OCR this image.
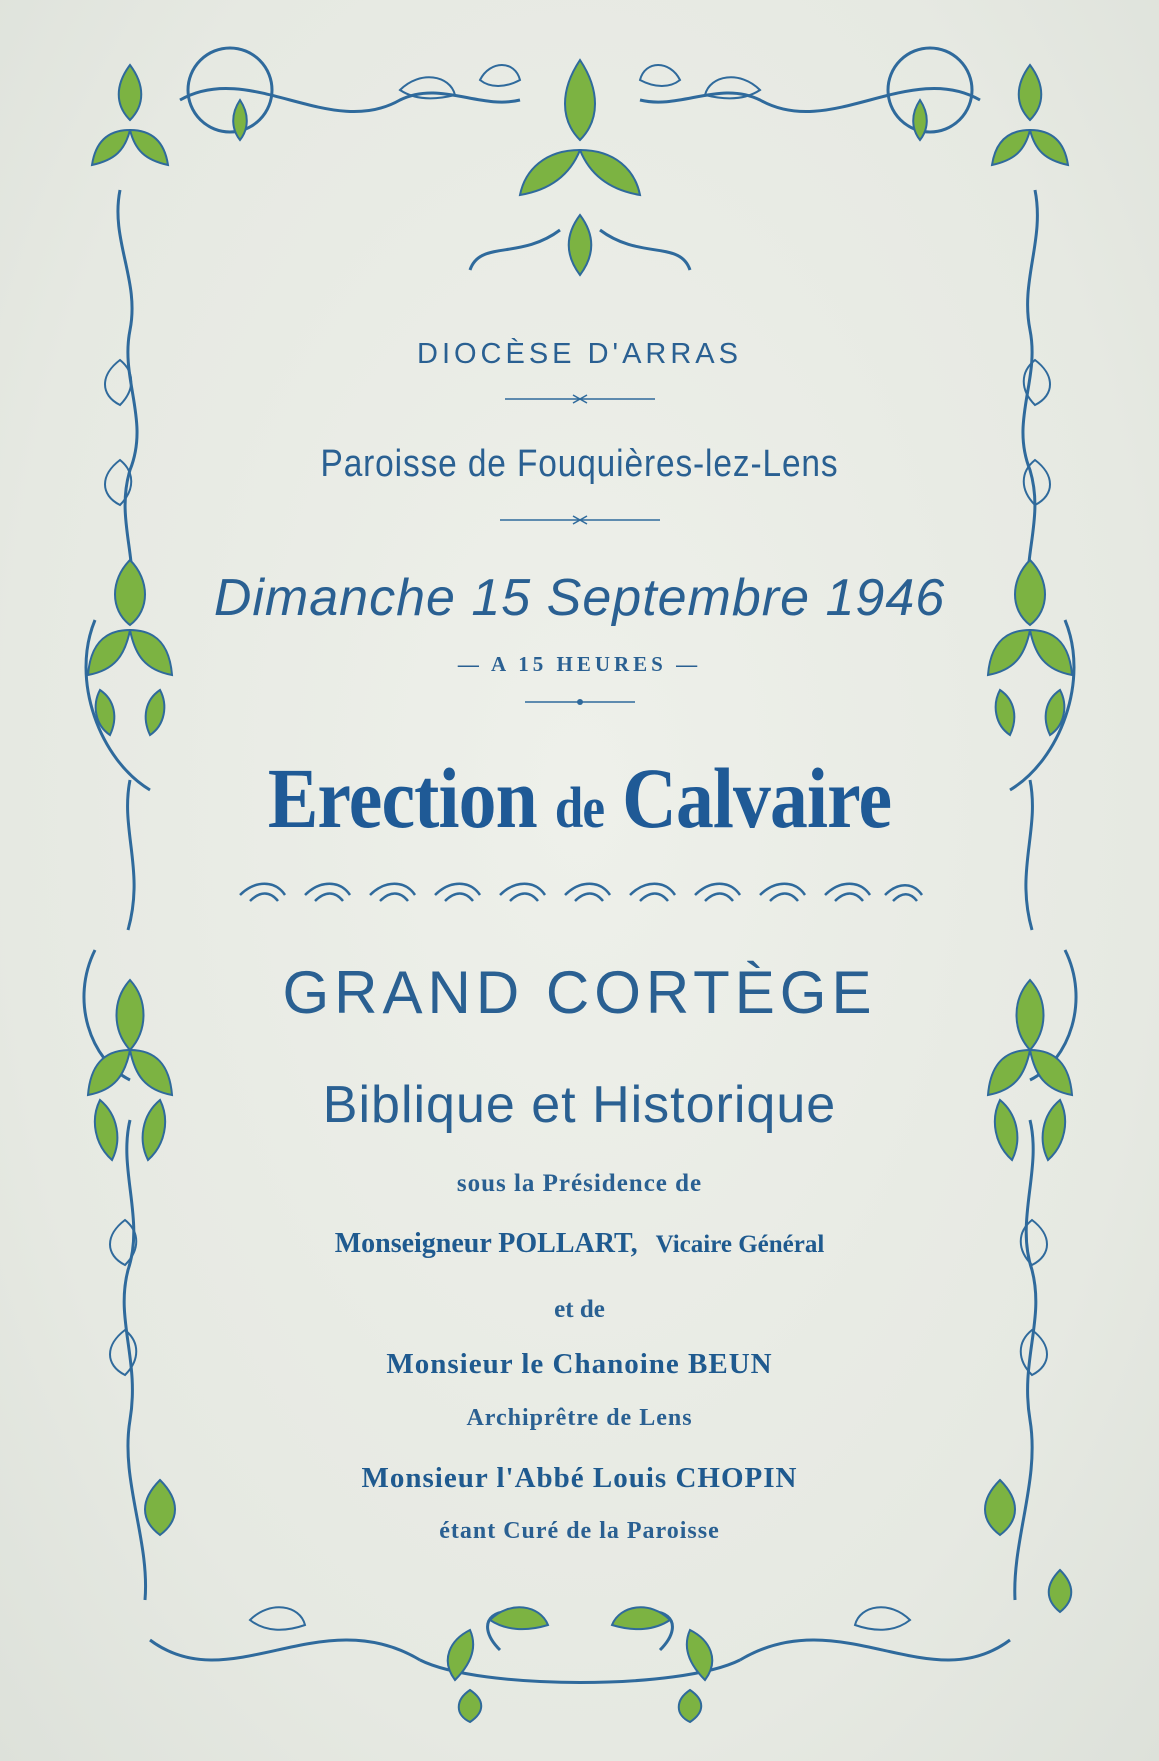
DIOCÈSE D'ARRAS

Paroisse de Fouquières-lez-Lens

Dimanche 15 Septembre 1946

— A 15 HEURES —

Erection de Calvaire

GRAND CORTÈGE

Biblique et Historique

sous la Présidence de

Monseigneur POLLART, Vicaire Général

et de

Monsieur le Chanoine BEUN

Archiprêtre de Lens

Monsieur l'Abbé Louis CHOPIN

étant Curé de la Paroisse
